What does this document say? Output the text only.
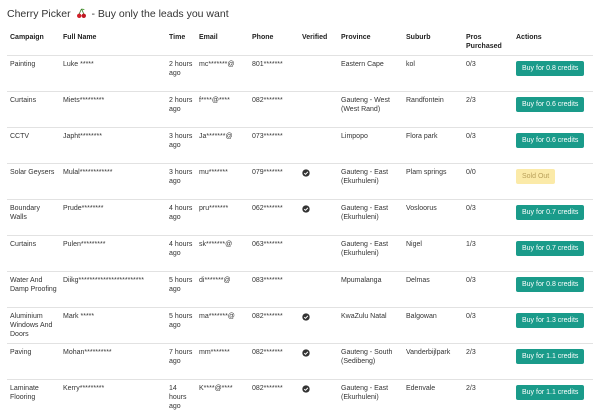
Cherry Picker - Buy only the leads you want
Campaign	Full Name	Time	Email	Phone	Verified	Province	Suburb	Pros Purchased	Actions
Painting	Luke *****	2 hours ago	mc*******@	801*******		Eastern Cape	kol	0/3	Buy for 0.8 credits
Curtains	Miets*********	2 hours ago	f****@****	082*******		Gauteng - West (West Rand)	Randfontein	2/3	Buy for 0.6 credits
CCTV	Japht********	3 hours ago	Ja*******@	073*******		Limpopo	Flora park	0/3	Buy for 0.6 credits
Solar Geysers	Mulal************	3 hours ago	mu*******	079*******		Gauteng - East (Ekurhuleni)	Plam springs	0/0	Sold Out
Boundary Walls	Prude********	4 hours ago	pru*******	062*******		Gauteng - East (Ekurhuleni)	Vosloorus	0/3	Buy for 0.7 credits
Curtains	Pulen*********	4 hours ago	sk*******@	063*******		Gauteng - East (Ekurhuleni)	Nigel	1/3	Buy for 0.7 credits
Water And Damp Proofing	Diikg************************	5 hours ago	di*******@	083*******		Mpumalanga	Delmas	0/3	Buy for 0.8 credits
Aluminium Windows And Doors	Mark *****	5 hours ago	ma*******@	082*******		KwaZulu Natal	Balgowan	0/3	Buy for 1.3 credits
Paving	Mohan**********	7 hours ago	mm*******	082*******		Gauteng - South (Sedibeng)	Vanderbijlpark	2/3	Buy for 1.1 credits
Laminate Flooring	Kerry*********	14 hours ago	K****@****	082*******		Gauteng - East (Ekurhuleni)	Edenvale	2/3	Buy for 1.1 credits
